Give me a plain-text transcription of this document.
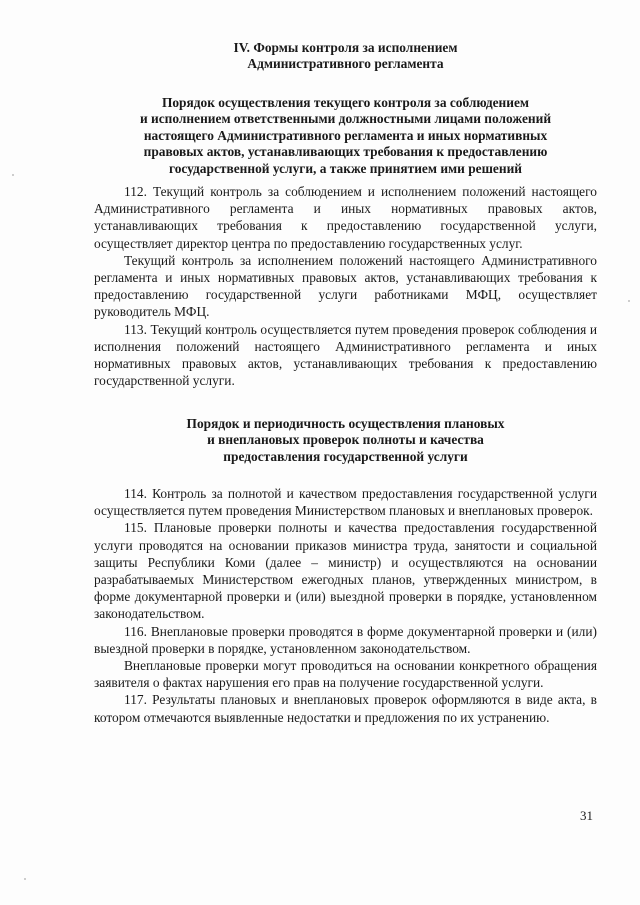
IV. Формы контроля за исполнением
Административного регламента
Порядок осуществления текущего контроля за соблюдением
и исполнением ответственными должностными лицами положений
настоящего Административного регламента и иных нормативных
правовых актов, устанавливающих требования к предоставлению
государственной услуги, а также принятием ими решений

112. Текущий контроль за соблюдением и исполнением положений настоящего Административного регламента и иных нормативных правовых актов, устанавливающих требования к предоставлению государственной услуги, осуществляет директор центра по предоставлению государственных услуг.

Текущий контроль за исполнением положений настоящего Административного регламента и иных нормативных правовых актов, устанавливающих требования к предоставлению государственной услуги работниками МФЦ, осуществляет руководитель МФЦ.

113. Текущий контроль осуществляется путем проведения проверок соблюдения и исполнения положений настоящего Административного регламента и иных нормативных правовых актов, устанавливающих требования к предоставлению государственной услуги.

Порядок и периодичность осуществления плановых
и внеплановых проверок полноты и качества
предоставления государственной услуги

114. Контроль за полнотой и качеством предоставления государственной услуги осуществляется путем проведения Министерством плановых и внеплановых проверок.

115. Плановые проверки полноты и качества предоставления государственной услуги проводятся на основании приказов министра труда, занятости и социальной защиты Республики Коми (далее – министр) и осуществляются на основании разрабатываемых Министерством ежегодных планов, утвержденных министром, в форме документарной проверки и (или) выездной проверки в порядке, установленном законодательством.

116. Внеплановые проверки проводятся в форме документарной проверки и (или) выездной проверки в порядке, установленном законодательством.

Внеплановые проверки могут проводиться на основании конкретного обращения заявителя о фактах нарушения его прав на получение государственной услуги.

117. Результаты плановых и внеплановых проверок оформляются в виде акта, в котором отмечаются выявленные недостатки и предложения по их устранению.

31
